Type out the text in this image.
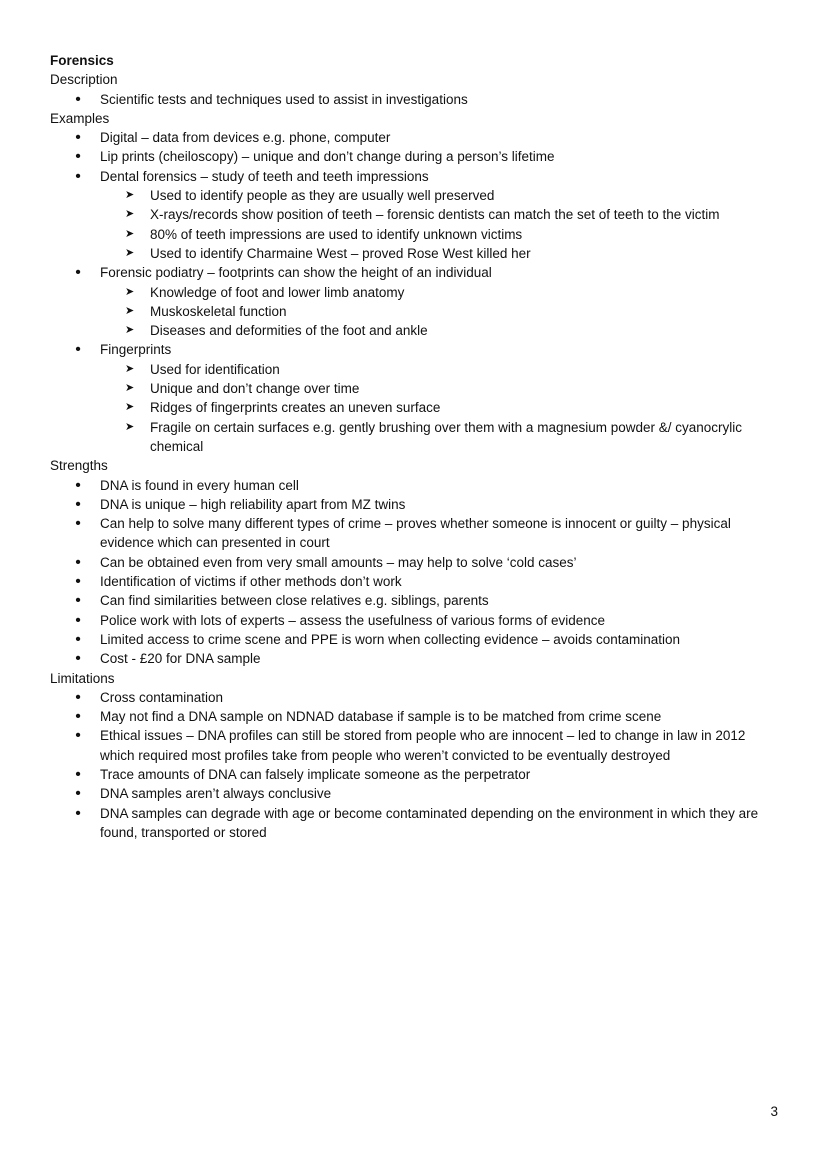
Forensics
Description
•
Scientific tests and techniques used to assist in investigations
Examples
•
Digital – data from devices e.g. phone, computer
•
Lip prints (cheiloscopy) – unique and don’t change during a person’s lifetime
•
Dental forensics – study of teeth and teeth impressions
➤ Used to identify people as they are usually well preserved
➤ X-rays/records show position of teeth – forensic dentists can match the set of teeth to the victim
➤ 80% of teeth impressions are used to identify unknown victims
➤ Used to identify Charmaine West – proved Rose West killed her
•
Forensic podiatry – footprints can show the height of an individual
➤ Knowledge of foot and lower limb anatomy
➤ Muskoskeletal function
➤ Diseases and deformities of the foot and ankle
•
Fingerprints
➤ Used for identification
➤ Unique and don’t change over time
➤ Ridges of fingerprints creates an uneven surface
➤ Fragile on certain surfaces e.g. gently brushing over them with a magnesium powder &/ cyanocrylic chemical
Strengths
•
DNA is found in every human cell
•
DNA is unique – high reliability apart from MZ twins
•
Can help to solve many different types of crime – proves whether someone is innocent or guilty – physical evidence which can presented in court
•
Can be obtained even from very small amounts – may help to solve ‘cold cases’
•
Identification of victims if other methods don’t work
•
Can find similarities between close relatives e.g. siblings, parents
•
Police work with lots of experts – assess the usefulness of various forms of evidence
•
Limited access to crime scene and PPE is worn when collecting evidence – avoids contamination
•
Cost - £20 for DNA sample
Limitations
•
Cross contamination
•
May not find a DNA sample on NDNAD database if sample is to be matched from crime scene
•
Ethical issues – DNA profiles can still be stored from people who are innocent – led to change in law in 2012 which required most profiles take from people who weren’t convicted to be eventually destroyed
•
Trace amounts of DNA can falsely implicate someone as the perpetrator
•
DNA samples aren’t always conclusive
•
DNA samples can degrade with age or become contaminated depending on the environment in which they are found, transported or stored
3
